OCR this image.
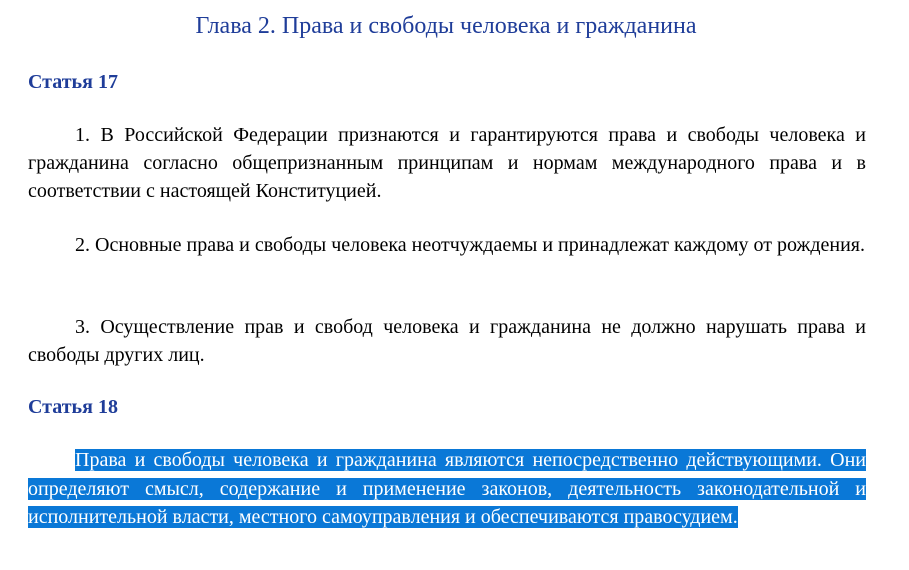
Глава 2. Права и свободы человека и гражданина
Статья 17
1. В Российской Федерации признаются и гарантируются права и свободы человека и гражданина согласно общепризнанным принципам и нормам международного права и в соответствии с настоящей Конституцией.
2. Основные права и свободы человека неотчуждаемы и принадлежат каждому от рождения.
3. Осуществление прав и свобод человека и гражданина не должно нарушать права и свободы других лиц.
Статья 18
Права и свободы человека и гражданина являются непосредственно действующими. Они определяют смысл, содержание и применение законов, деятельность законодательной и исполнительной власти, местного самоуправления и обеспечиваются правосудием.
